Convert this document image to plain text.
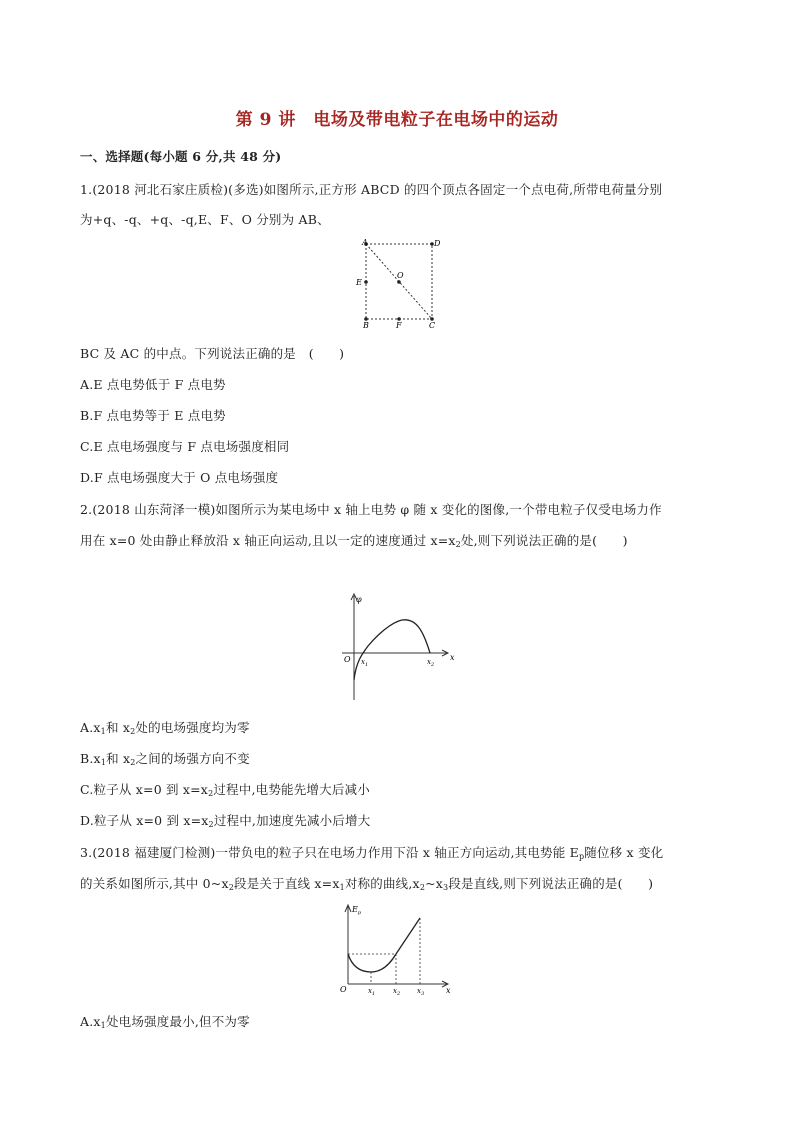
第 9 讲　电场及带电粒子在电场中的运动
一、选择题(每小题 6 分,共 48 分)
1.(2018 河北石家庄质检)(多选)如图所示,正方形 ABCD 的四个顶点各固定一个点电荷,所带电荷量分别
为+q、-q、+q、-q,E、F、O 分别为 AB、
A	D
B	C
E
F
O
BC 及 AC 的中点。下列说法正确的是　(　　)
A.E 点电势低于 F 点电势
B.F 点电势等于 E 点电势
C.E 点电场强度与 F 点电场强度相同
D.F 点电场强度大于 O 点电场强度
2.(2018 山东菏泽一模)如图所示为某电场中 x 轴上电势 φ 随 x 变化的图像,一个带电粒子仅受电场力作
用在 x=0 处由静止释放沿 x 轴正向运动,且以一定的速度通过 $x=x_2$处,则下列说法正确的是(　　)
φ
O $x_1$	$x_2$
x
$A.x_1$和 $x_2$处的电场强度均为零
$B.x_1$和 $x_2$之间的场强方向不变
C.粒子从 x=0 到 $x=x_2$过程中,电势能先增大后减小
D.粒子从 x=0 到 $x=x_2$过程中,加速度先减小后增大
3.(2018 福建厦门检测)一带负电的粒子只在电场力作用下沿 x 轴正方向运动,其电势能 $E_p$随位移 x 变化
的关系如图所示,其中 $0\sim x_2$段是关于直线 $x=x_1$对称的曲线$,x_2\sim x_3$段是直线,则下列说法正确的是(　　)
$E_p$
O	$x_1$	$x_2$ $x_3$	x
$A.x_1$处电场强度最小,但不为零
